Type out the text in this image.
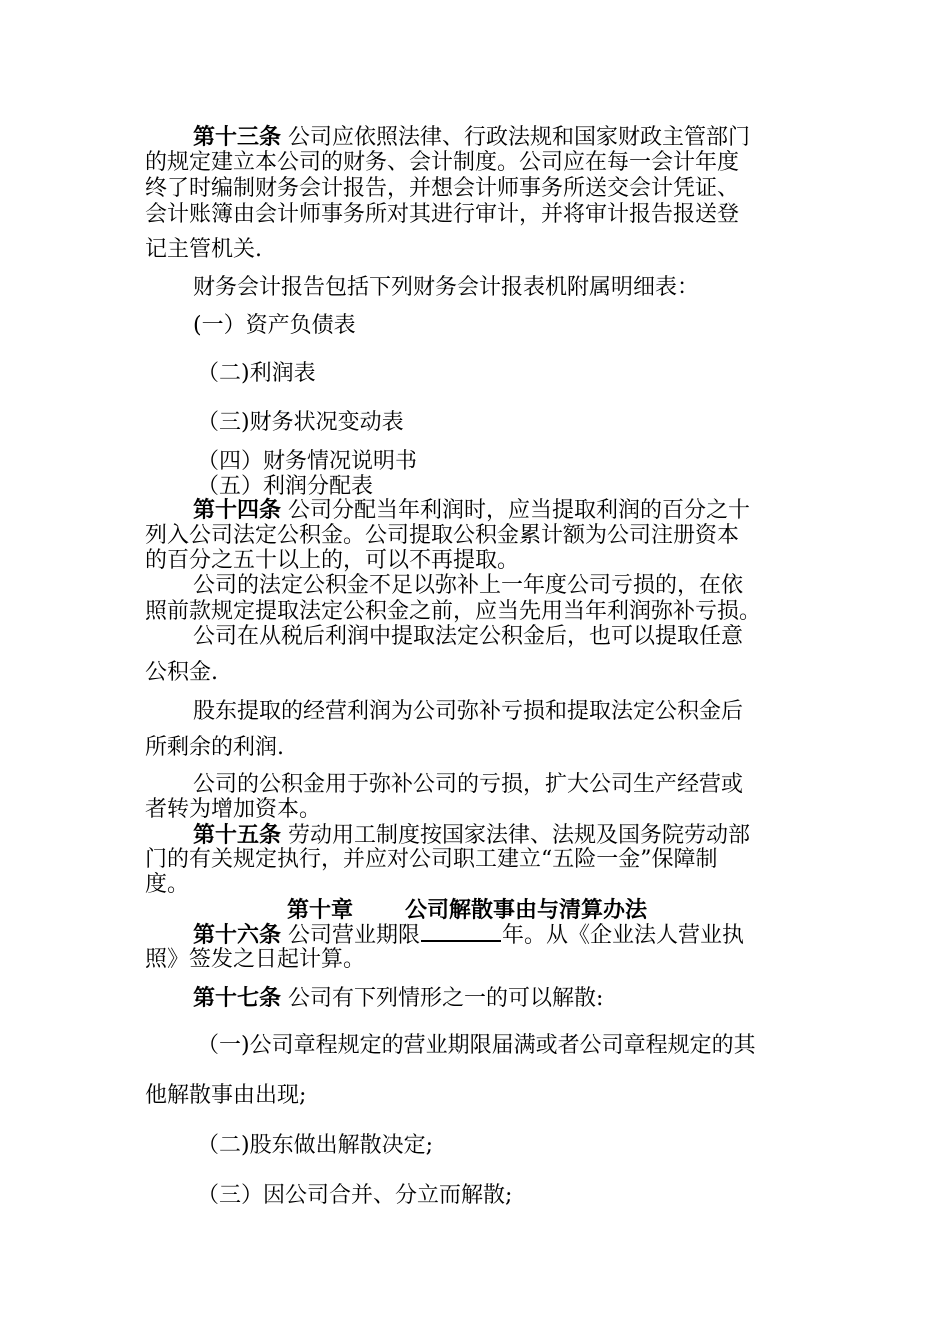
第十三条 公司应依照法律、行政法规和国家财政主管部门
的规定建立本公司的财务、会计制度。公司应在每一会计年度
终了时编制财务会计报告，并想会计师事务所送交会计凭证、
会计账簿由会计师事务所对其进行审计，并将审计报告报送登
记主管机关.
财务会计报告包括下列财务会计报表机附属明细表：
(一）资产负债表
（二)利润表
（三)财务状况变动表
（四）财务情况说明书
（五）利润分配表
第十四条 公司分配当年利润时，应当提取利润的百分之十
列入公司法定公积金。公司提取公积金累计额为公司注册资本
的百分之五十以上的，可以不再提取。
公司的法定公积金不足以弥补上一年度公司亏损的，在依
照前款规定提取法定公积金之前，应当先用当年利润弥补亏损。
公司在从税后利润中提取法定公积金后，也可以提取任意
公积金.
股东提取的经营利润为公司弥补亏损和提取法定公积金后
所剩余的利润.
公司的公积金用于弥补公司的亏损，扩大公司生产经营或
者转为增加资本。
第十五条 劳动用工制度按国家法律、法规及国务院劳动部
门的有关规定执行，并应对公司职工建立“五险一金”保障制
度。
第十章 公司解散事由与清算办法
第十六条 公司营业期限	年。从《企业法人营业执
照》签发之日起计算。
第十七条 公司有下列情形之一的可以解散:
（一)公司章程规定的营业期限届满或者公司章程规定的其
他解散事由出现;
（二)股东做出解散决定;
（三）因公司合并、分立而解散;
